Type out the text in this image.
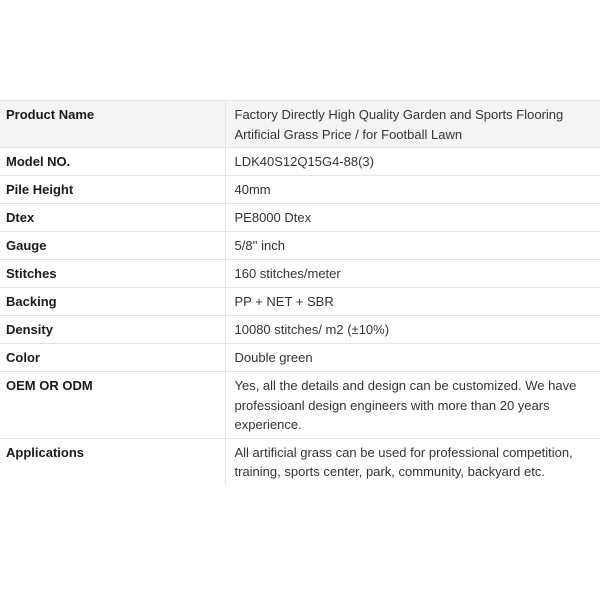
Product Name	Factory Directly High Quality Garden and Sports Flooring Artificial Grass Price / for Football Lawn
Model NO.	LDK40S12Q15G4-88(3)
Pile Height	40mm
Dtex	PE8000 Dtex
Gauge	5/8'' inch
Stitches	160 stitches/meter
Backing	PP + NET + SBR
Density	10080 stitches/ m2 (±10%)
Color	Double green
OEM OR ODM	Yes, all the details and design can be customized. We have professioanl design engineers with more than 20 years experience.
Applications	All artificial grass can be used for professional competition, training, sports center, park, community, backyard etc.
